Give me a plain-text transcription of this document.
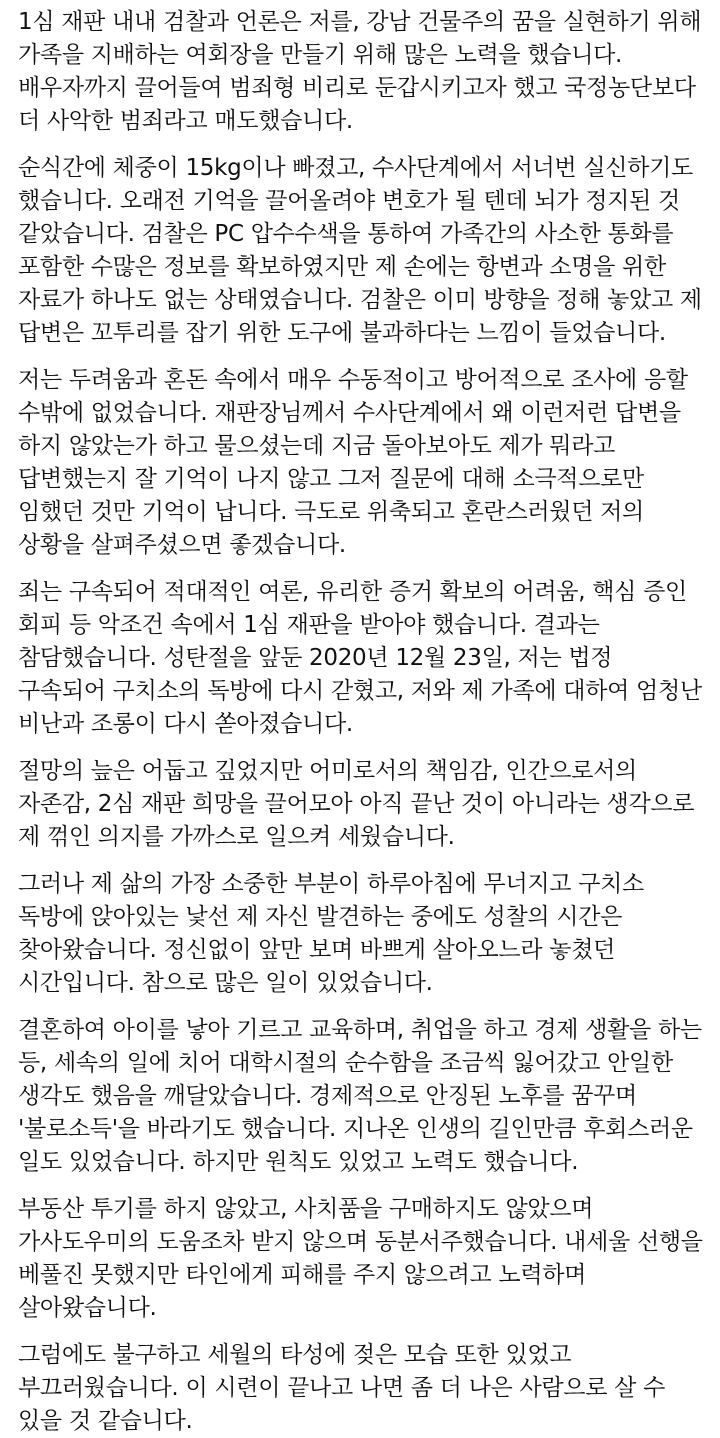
1심 재판 내내 검찰과 언론은 저를, 강남 건물주의 꿈을 실현하기 위해 가족을 지배하는 여회장을 만들기 위해 많은 노력을 했습니다. 배우자까지 끌어들여 범죄형 비리로 둔갑시키고자 했고 국정농단보다 더 사악한 범죄라고 매도했습니다.

순식간에 체중이 15kg이나 빠졌고, 수사단계에서 서너번 실신하기도 했습니다. 오래전 기억을 끌어올려야 변호가 될 텐데 뇌가 정지된 것 같았습니다. 검찰은 PC 압수수색을 통하여 가족간의 사소한 통화를 포함한 수많은 정보를 확보하였지만 제 손에는 항변과 소명을 위한 자료가 하나도 없는 상태였습니다. 검찰은 이미 방향을 정해 놓았고 제 답변은 꼬투리를 잡기 위한 도구에 불과하다는 느낌이 들었습니다.

저는 두려움과 혼돈 속에서 매우 수동적이고 방어적으로 조사에 응할 수밖에 없었습니다. 재판장님께서 수사단계에서 왜 이런저런 답변을 하지 않았는가 하고 물으셨는데 지금 돌아보아도 제가 뭐라고 답변했는지 잘 기억이 나지 않고 그저 질문에 대해 소극적으로만 임했던 것만 기억이 납니다. 극도로 위축되고 혼란스러웠던 저의 상황을 살펴주셨으면 좋겠습니다.

죄는 구속되어 적대적인 여론, 유리한 증거 확보의 어려움, 핵심 증인 회피 등 악조건 속에서 1심 재판을 받아야 했습니다. 결과는 참담했습니다. 성탄절을 앞둔 2020년 12월 23일, 저는 법정 구속되어 구치소의 독방에 다시 갇혔고, 저와 제 가족에 대하여 엄청난 비난과 조롱이 다시 쏟아졌습니다.

절망의 늪은 어둡고 깊었지만 어미로서의 책임감, 인간으로서의 자존감, 2심 재판 희망을 끌어모아 아직 끝난 것이 아니라는 생각으로 제 꺾인 의지를 가까스로 일으켜 세웠습니다.

그러나 제 삶의 가장 소중한 부분이 하루아침에 무너지고 구치소 독방에 앉아있는 낯선 제 자신 발견하는 중에도 성찰의 시간은 찾아왔습니다. 정신없이 앞만 보며 바쁘게 살아오느라 놓쳤던 시간입니다. 참으로 많은 일이 있었습니다.

결혼하여 아이를 낳아 기르고 교육하며, 취업을 하고 경제 생활을 하는 등, 세속의 일에 치어 대학시절의 순수함을 조금씩 잃어갔고 안일한 생각도 했음을 깨달았습니다. 경제적으로 안징된 노후를 꿈꾸며 '불로소득'을 바라기도 했습니다. 지나온 인생의 길인만큼 후회스러운 일도 있었습니다. 하지만 원칙도 있었고 노력도 했습니다.

부동산 투기를 하지 않았고, 사치품을 구매하지도 않았으며 가사도우미의 도움조차 받지 않으며 동분서주했습니다. 내세울 선행을 베풀진 못했지만 타인에게 피해를 주지 않으려고 노력하며 살아왔습니다.

그럼에도 불구하고 세월의 타성에 젖은 모습 또한 있었고 부끄러웠습니다. 이 시련이 끝나고 나면 좀 더 나은 사람으로 살 수 있을 것 같습니다.
